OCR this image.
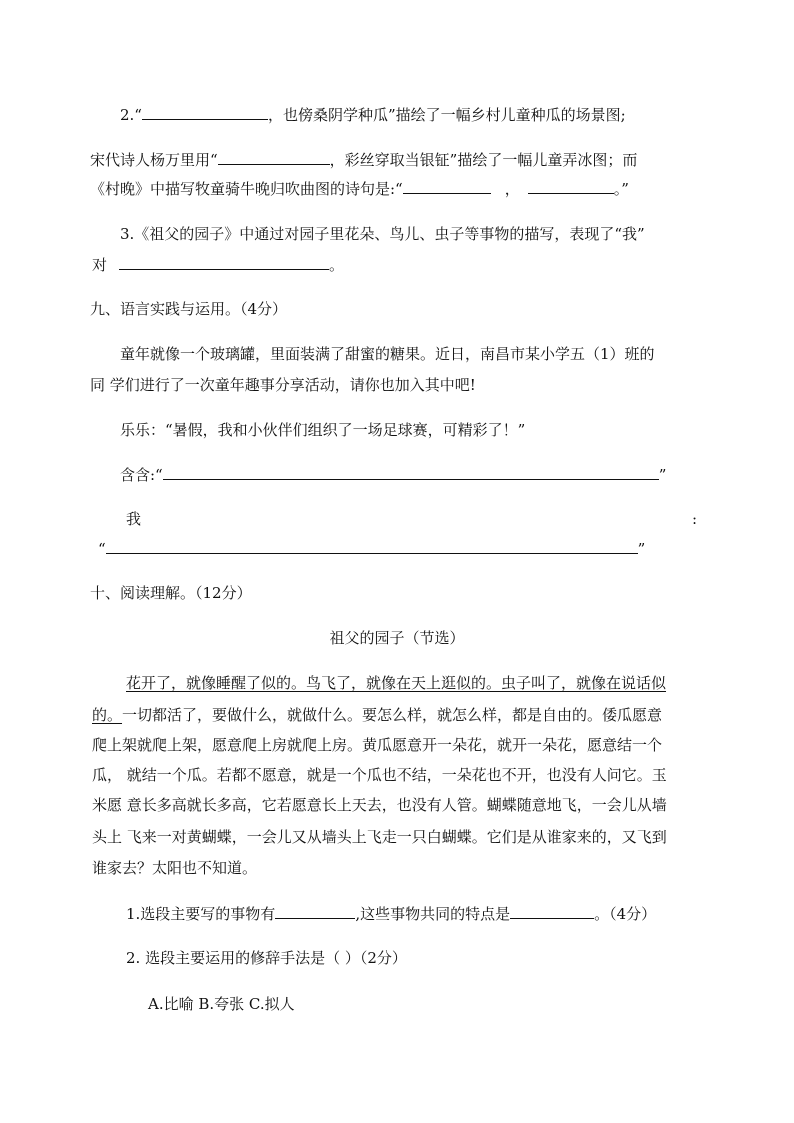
2.“	，也傍桑阴学种瓜”描绘了一幅乡村儿童种瓜的场景图;
宋代诗人杨万里用“	，彩丝穿取当银钲”描绘了一幅儿童弄冰图；而
《村晚》中描写牧童骑牛晚归吹曲图的诗句是:“	，	。”
3.《祖父的园子》中通过对园子里花朵、鸟儿、虫子等事物的描写，表现了“我”
对	。
九、语言实践与运用。（4分）
童年就像一个玻璃罐，里面装满了甜蜜的糖果。近日，南昌市某小学五（1）班的
同 学们进行了一次童年趣事分享活动，请你也加入其中吧!
乐乐：“暑假，我和小伙伴们组织了一场足球赛，可精彩了！”
含含:“	”
我	:
“	”
十、阅读理解。（12分）
祖父的园子（节选）
花开了，就像睡醒了似的。鸟飞了，就像在天上逛似的。虫子叫了，就像在说话似
的。一切都活了，要做什么，就做什么。要怎么样，就怎么样，都是自由的。倭瓜愿意
爬上架就爬上架，愿意爬上房就爬上房。黄瓜愿意开一朵花，就开一朵花，愿意结一个
瓜， 就结一个瓜。若都不愿意，就是一个瓜也不结，一朵花也不开，也没有人问它。玉
米愿 意长多高就长多高，它若愿意长上天去，也没有人管。蝴蝶随意地飞，一会儿从墙
头上 飞来一对黄蝴蝶，一会儿又从墙头上飞走一只白蝴蝶。它们是从谁家来的，又飞到
谁家去？太阳也不知道。
1.选段主要写的事物有	,这些事物共同的特点是	。（4分）
2. 选段主要运用的修辞手法是（ ）（2分）
A.比喻 B.夸张 C.拟人
